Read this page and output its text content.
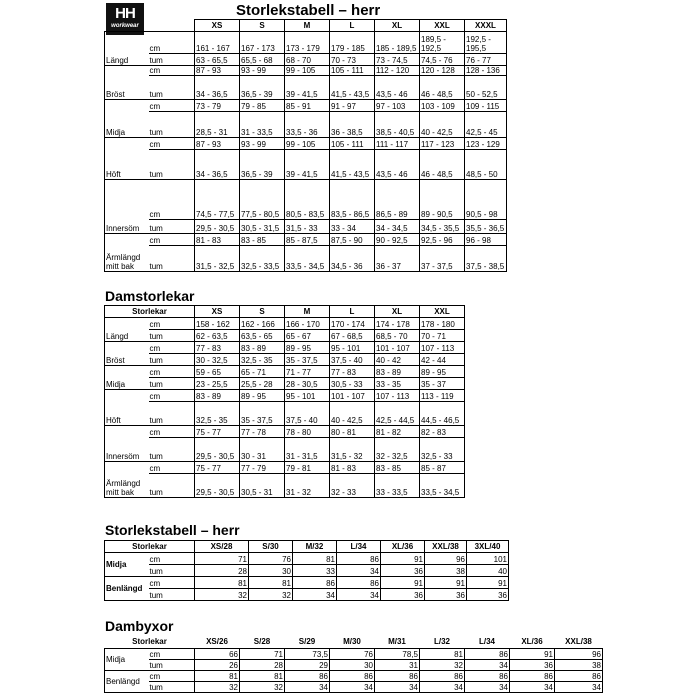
HH
workwear
Storlekstabell – herr
		XS	S	M	L	XL	XXL	XXXL
Längd	cm	161 - 167	167 - 173	173 - 179	179 - 185	185 - 189,5	189,5 - 192,5	192,5 - 195,5
	tum	63 - 65,5	65,5 - 68	68 - 70	70 - 73	73 - 74,5	74,5 - 76	76 - 77
Bröst	cm	87 - 93	93 - 99	99 - 105	105 - 111	112 - 120	120 - 128	128 - 136
	tum	34 - 36,5	36,5 - 39	39 - 41,5	41,5 - 43,5	43,5 - 46	46 - 48,5	50 - 52,5
Midja	cm	73 - 79	79 - 85	85 - 91	91 - 97	97 - 103	103 - 109	109 - 115
	tum	28,5 - 31	31 - 33,5	33,5 - 36	36 - 38,5	38,5 - 40,5	40 - 42,5	42,5 - 45
Höft	cm	87 - 93	93 - 99	99 - 105	105 - 111	111 - 117	117 - 123	123 - 129
	tum	34 - 36,5	36,5 - 39	39 - 41,5	41,5 - 43,5	43,5 - 46	46 - 48,5	48,5 - 50
Innersöm	cm	74,5 - 77,5	77,5 - 80,5	80,5 - 83,5	83,5 - 86,5	86,5 - 89	89 - 90,5	90,5 - 98
	tum	29,5 - 30,5	30,5 - 31,5	31,5 - 33	33 - 34	34 - 34,5	34,5 - 35,5	35,5 - 36,5
Ärmlängd mitt bak	cm	81 - 83	83 - 85	85 - 87,5	87,5 - 90	90 - 92,5	92,5 - 96	96 - 98
	tum	31,5 - 32,5	32,5 - 33,5	33,5 - 34,5	34,5 - 36	36 - 37	37 - 37,5	37,5 - 38,5
Damstorlekar
Storlekar		XS	S	M	L	XL	XXL
Längd	cm	158 - 162	162 - 166	166 - 170	170 - 174	174 - 178	178 - 180
	tum	62 - 63,5	63,5 - 65	65 - 67	67 - 68,5	68,5 - 70	70 - 71
Bröst	cm	77 - 83	83 - 89	89 - 95	95 - 101	101 - 107	107 - 113
	tum	30 - 32,5	32,5 - 35	35 - 37,5	37,5 - 40	40 - 42	42 - 44
Midja	cm	59 - 65	65 - 71	71 - 77	77 - 83	83 - 89	89 - 95
	tum	23 - 25,5	25,5 - 28	28 - 30,5	30,5 - 33	33 - 35	35 - 37
Höft	cm	83 - 89	89 - 95	95 - 101	101 - 107	107 - 113	113 - 119
	tum	32,5 - 35	35 - 37,5	37,5 - 40	40 - 42,5	42,5 - 44,5	44,5 - 46,5
Innersöm	cm	75 - 77	77 - 78	78 - 80	80 - 81	81 - 82	82 - 83
	tum	29,5 - 30,5	30 - 31	31 - 31,5	31,5 - 32	32 - 32,5	32,5 - 33
Ärmlängd mitt bak	cm	75 - 77	77 - 79	79 - 81	81 - 83	83 - 85	85 - 87
	tum	29,5 - 30,5	30,5 - 31	31 - 32	32 - 33	33 - 33,5	33,5 - 34,5
Storlekstabell – herr
Storlekar		XS/28	S/30	M/32	L/34	XL/36	XXL/38	3XL/40
Midja	cm	71	76	81	86	91	96	101
	tum	28	30	33	34	36	38	40
Benlängd	cm	81	81	86	86	91	91	91
	tum	32	32	34	34	36	36	36
Dambyxor
Storlekar		XS/26	S/28	S/29	M/30	M/31	L/32	L/34	XL/36	XXL/38
Midja	cm	66	71	73,5	76	78,5	81	86	91	96
	tum	26	28	29	30	31	32	34	36	38
Benlängd	cm	81	81	86	86	86	86	86	86	86
	tum	32	32	34	34	34	34	34	34	34
